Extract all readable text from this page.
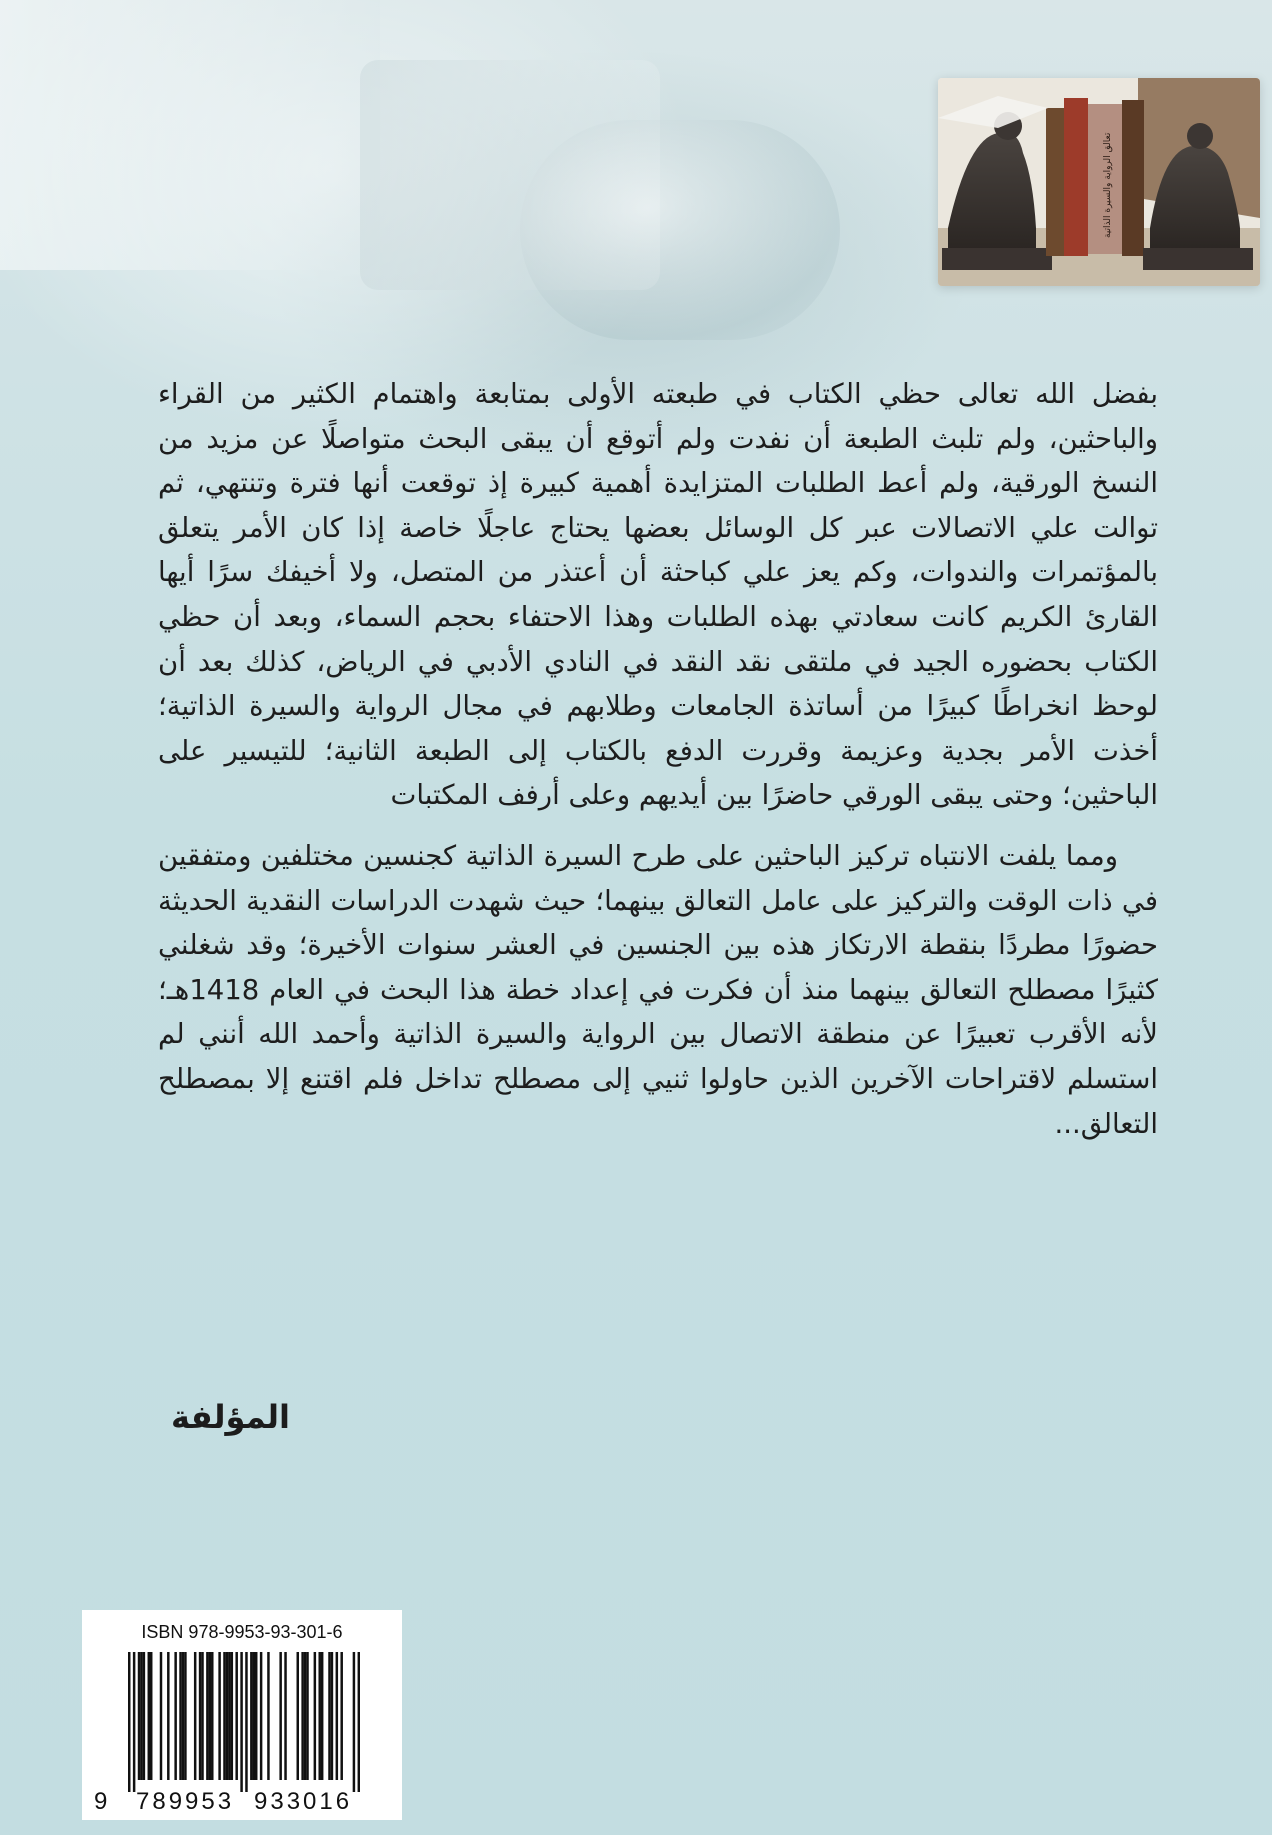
تعالق الرواية والسيرة الذاتية

بفضل الله تعالى حظي الكتاب في طبعته الأولى بمتابعة واهتمام الكثير من القراء والباحثين، ولم تلبث الطبعة أن نفدت ولم أتوقع أن يبقى البحث متواصلًا عن مزيد من النسخ الورقية، ولم أعط الطلبات المتزايدة أهمية كبيرة إذ توقعت أنها فترة وتنتهي، ثم توالت علي الاتصالات عبر كل الوسائل بعضها يحتاج عاجلًا خاصة إذا كان الأمر يتعلق بالمؤتمرات والندوات، وكم يعز علي كباحثة أن أعتذر من المتصل، ولا أخيفك سرًا أيها القارئ الكريم كانت سعادتي بهذه الطلبات وهذا الاحتفاء بحجم السماء، وبعد أن حظي الكتاب بحضوره الجيد في ملتقى نقد النقد في النادي الأدبي في الرياض، كذلك بعد أن لوحظ انخراطًا كبيرًا من أساتذة الجامعات وطلابهم في مجال الرواية والسيرة الذاتية؛ أخذت الأمر بجدية وعزيمة وقررت الدفع بالكتاب إلى الطبعة الثانية؛ للتيسير على الباحثين؛ وحتى يبقى الورقي حاضرًا بين أيديهم وعلى أرفف المكتبات

ومما يلفت الانتباه تركيز الباحثين على طرح السيرة الذاتية كجنسين مختلفين ومتفقين في ذات الوقت والتركيز على عامل التعالق بينهما؛ حيث شهدت الدراسات النقدية الحديثة حضورًا مطردًا بنقطة الارتكاز هذه بين الجنسين في العشر سنوات الأخيرة؛ وقد شغلني كثيرًا مصطلح التعالق بينهما منذ أن فكرت في إعداد خطة هذا البحث في العام 1418هـ؛ لأنه الأقرب تعبيرًا عن منطقة الاتصال بين الرواية والسيرة الذاتية وأحمد الله أنني لم استسلم لاقتراحات الآخرين الذين حاولوا ثنيي إلى مصطلح تداخل فلم اقتنع إلا بمصطلح التعالق...

المؤلفة
ISBN 978-9953-93-301-6
9 789953 933016
